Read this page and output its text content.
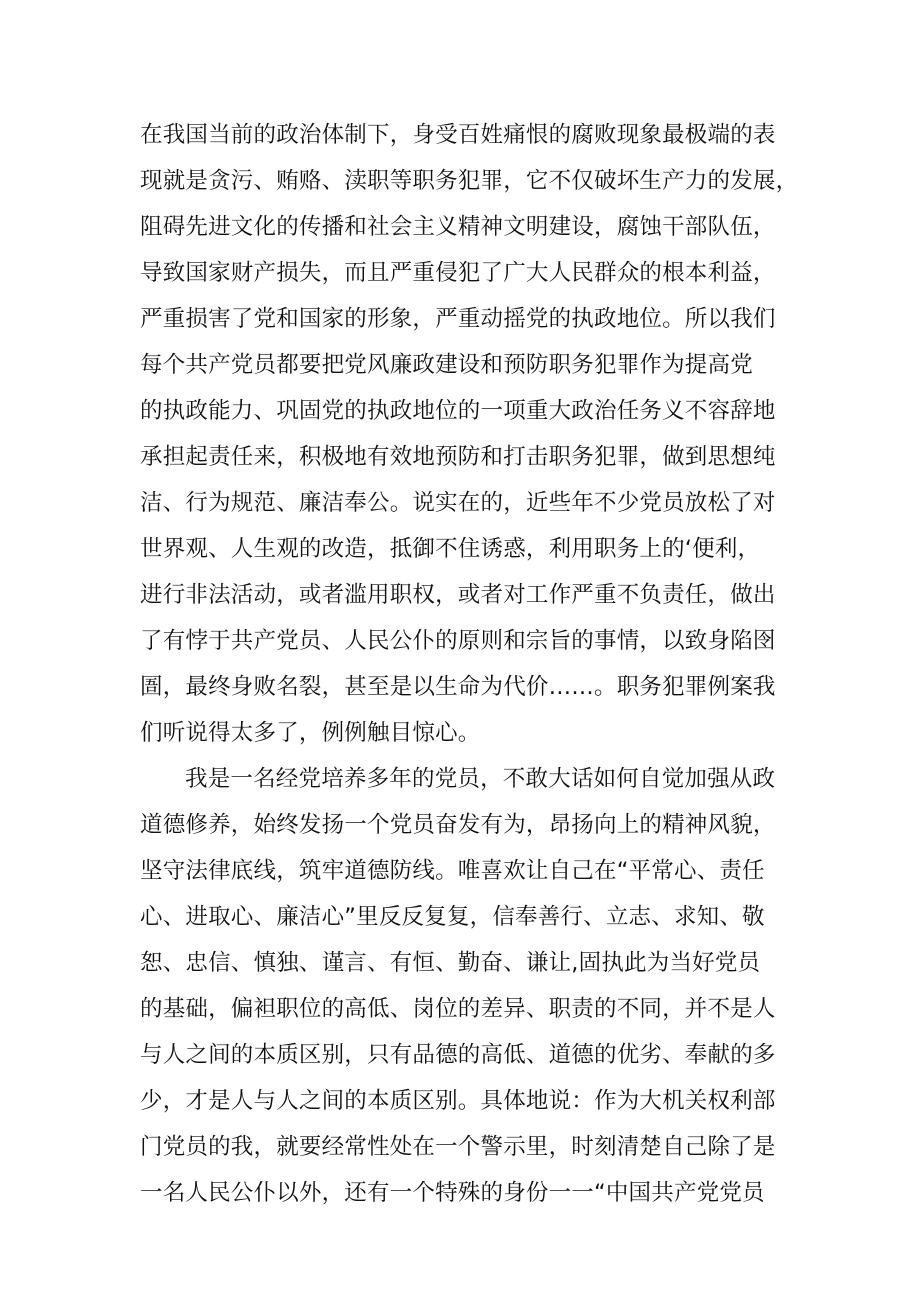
在我国当前的政治体制下，身受百姓痛恨的腐败现象最极端的表
现就是贪污、贿赂、渎职等职务犯罪，它不仅破坏生产力的发展，
阻碍先进文化的传播和社会主义精神文明建设，腐蚀干部队伍，
导致国家财产损失，而且严重侵犯了广大人民群众的根本利益，
严重损害了党和国家的形象，严重动摇党的执政地位。所以我们
每个共产党员都要把党风廉政建设和预防职务犯罪作为提高党
的执政能力、巩固党的执政地位的一项重大政治任务义不容辞地
承担起责任来，积极地有效地预防和打击职务犯罪，做到思想纯
洁、行为规范、廉洁奉公。说实在的，近些年不少党员放松了对
世界观、人生观的改造，抵御不住诱惑，利用职务上的‘便利，
进行非法活动，或者滥用职权，或者对工作严重不负责任，做出
了有悖于共产党员、人民公仆的原则和宗旨的事情，以致身陷囹
圄，最终身败名裂，甚至是以生命为代价……。职务犯罪例案我
们听说得太多了，例例触目惊心。
我是一名经党培养多年的党员，不敢大话如何自觉加强从政
道德修养，始终发扬一个党员奋发有为，昂扬向上的精神风貌，
坚守法律底线，筑牢道德防线。唯喜欢让自己在“平常心、责任
心、进取心、廉洁心”里反反复复，信奉善行、立志、求知、敬
恕、忠信、慎独、谨言、有恒、勤奋、谦让,固执此为当好党员
的基础，偏袒职位的高低、岗位的差异、职责的不同，并不是人
与人之间的本质区别，只有品德的高低、道德的优劣、奉献的多
少，才是人与人之间的本质区别。具体地说：作为大机关权利部
门党员的我，就要经常性处在一个警示里，时刻清楚自己除了是
一名人民公仆以外，还有一个特殊的身份一一“中国共产党党员
